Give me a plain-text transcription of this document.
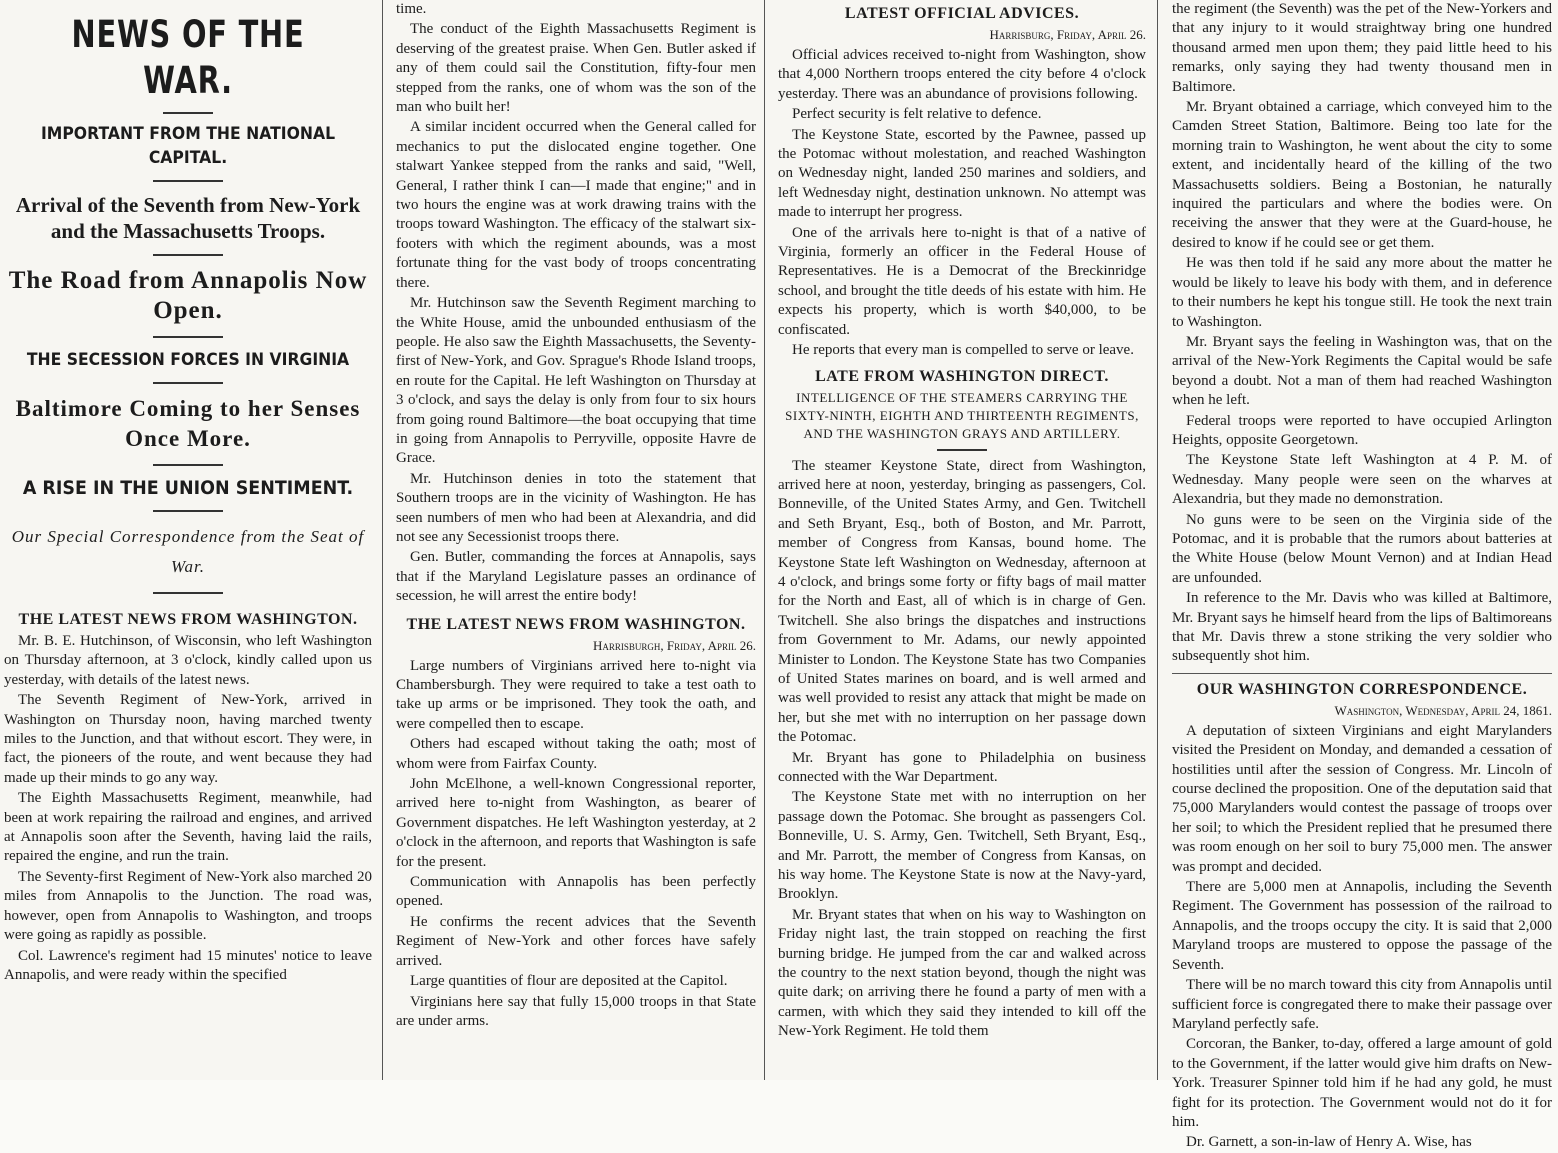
NEWS OF THE WAR.
IMPORTANT FROM THE NATIONAL CAPITAL.
Arrival of the Seventh from New-York and the Massachusetts Troops.
The Road from Annapolis Now Open.
THE SECESSION FORCES IN VIRGINIA
Baltimore Coming to her Senses Once More.
A RISE IN THE UNION SENTIMENT.
Our Special Correspondence from the Seat of War.
THE LATEST NEWS FROM WASHINGTON.

Mr. B. E. Hutchinson, of Wisconsin, who left Washington on Thursday afternoon, at 3 o'clock, kindly called upon us yesterday, with details of the latest news.

The Seventh Regiment of New-York, arrived in Washington on Thursday noon, having marched twenty miles to the Junction, and that without escort. They were, in fact, the pioneers of the route, and went because they had made up their minds to go any way.

The Eighth Massachusetts Regiment, meanwhile, had been at work repairing the railroad and engines, and arrived at Annapolis soon after the Seventh, having laid the rails, repaired the engine, and run the train.

The Seventy-first Regiment of New-York also marched 20 miles from Annapolis to the Junction. The road was, however, open from Annapolis to Washington, and troops were going as rapidly as possible.

Col. Lawrence's regiment had 15 minutes' notice to leave Annapolis, and were ready within the specified

time.

The conduct of the Eighth Massachusetts Regiment is deserving of the greatest praise. When Gen. Butler asked if any of them could sail the Constitution, fifty-four men stepped from the ranks, one of whom was the son of the man who built her!

A similar incident occurred when the General called for mechanics to put the dislocated engine together. One stalwart Yankee stepped from the ranks and said, "Well, General, I rather think I can—I made that engine;" and in two hours the engine was at work drawing trains with the troops toward Washington. The efficacy of the stalwart six-footers with which the regiment abounds, was a most fortunate thing for the vast body of troops concentrating there.

Mr. Hutchinson saw the Seventh Regiment marching to the White House, amid the unbounded enthusiasm of the people. He also saw the Eighth Massachusetts, the Seventy-first of New-York, and Gov. Sprague's Rhode Island troops, en route for the Capital. He left Washington on Thursday at 3 o'clock, and says the delay is only from four to six hours from going round Baltimore—the boat occupying that time in going from Annapolis to Perryville, opposite Havre de Grace.

Mr. Hutchinson denies in toto the statement that Southern troops are in the vicinity of Washington. He has seen numbers of men who had been at Alexandria, and did not see any Secessionist troops there.

Gen. Butler, commanding the forces at Annapolis, says that if the Maryland Legislature passes an ordinance of secession, he will arrest the entire body!

THE LATEST NEWS FROM WASHINGTON.
Harrisburgh, Friday, April 26.

Large numbers of Virginians arrived here to-night via Chambersburgh. They were required to take a test oath to take up arms or be imprisoned. They took the oath, and were compelled then to escape.

Others had escaped without taking the oath; most of whom were from Fairfax County.

John McElhone, a well-known Congressional reporter, arrived here to-night from Washington, as bearer of Government dispatches. He left Washington yesterday, at 2 o'clock in the afternoon, and reports that Washington is safe for the present.

Communication with Annapolis has been perfectly opened.

He confirms the recent advices that the Seventh Regiment of New-York and other forces have safely arrived.

Large quantities of flour are deposited at the Capitol.

Virginians here say that fully 15,000 troops in that State are under arms.

LATEST OFFICIAL ADVICES.
Harrisburg, Friday, April 26.

Official advices received to-night from Washington, show that 4,000 Northern troops entered the city before 4 o'clock yesterday. There was an abundance of provisions following.

Perfect security is felt relative to defence.

The Keystone State, escorted by the Pawnee, passed up the Potomac without molestation, and reached Washington on Wednesday night, landed 250 marines and soldiers, and left Wednesday night, destination unknown. No attempt was made to interrupt her progress.

One of the arrivals here to-night is that of a native of Virginia, formerly an officer in the Federal House of Representatives. He is a Democrat of the Breckinridge school, and brought the title deeds of his estate with him. He expects his property, which is worth $40,000, to be confiscated.

He reports that every man is compelled to serve or leave.

LATE FROM WASHINGTON DIRECT.
INTELLIGENCE OF THE STEAMERS CARRYING THE SIXTY-NINTH, EIGHTH AND THIRTEENTH REGIMENTS, AND THE WASHINGTON GRAYS AND ARTILLERY.

The steamer Keystone State, direct from Washington, arrived here at noon, yesterday, bringing as passengers, Col. Bonneville, of the United States Army, and Gen. Twitchell and Seth Bryant, Esq., both of Boston, and Mr. Parrott, member of Congress from Kansas, bound home. The Keystone State left Washington on Wednesday, afternoon at 4 o'clock, and brings some forty or fifty bags of mail matter for the North and East, all of which is in charge of Gen. Twitchell. She also brings the dispatches and instructions from Government to Mr. Adams, our newly appointed Minister to London. The Keystone State has two Companies of United States marines on board, and is well armed and was well provided to resist any attack that might be made on her, but she met with no interruption on her passage down the Potomac.

Mr. Bryant has gone to Philadelphia on business connected with the War Department.

The Keystone State met with no interruption on her passage down the Potomac. She brought as passengers Col. Bonneville, U. S. Army, Gen. Twitchell, Seth Bryant, Esq., and Mr. Parrott, the member of Congress from Kansas, on his way home. The Keystone State is now at the Navy-yard, Brooklyn.

Mr. Bryant states that when on his way to Washington on Friday night last, the train stopped on reaching the first burning bridge. He jumped from the car and walked across the country to the next station beyond, though the night was quite dark; on arriving there he found a party of men with a carmen, with which they said they intended to kill off the New-York Regiment. He told them

the regiment (the Seventh) was the pet of the New-Yorkers and that any injury to it would straightway bring one hundred thousand armed men upon them; they paid little heed to his remarks, only saying they had twenty thousand men in Baltimore.

Mr. Bryant obtained a carriage, which conveyed him to the Camden Street Station, Baltimore. Being too late for the morning train to Washington, he went about the city to some extent, and incidentally heard of the killing of the two Massachusetts soldiers. Being a Bostonian, he naturally inquired the particulars and where the bodies were. On receiving the answer that they were at the Guard-house, he desired to know if he could see or get them.

He was then told if he said any more about the matter he would be likely to leave his body with them, and in deference to their numbers he kept his tongue still. He took the next train to Washington.

Mr. Bryant says the feeling in Washington was, that on the arrival of the New-York Regiments the Capital would be safe beyond a doubt. Not a man of them had reached Washington when he left.

Federal troops were reported to have occupied Arlington Heights, opposite Georgetown.

The Keystone State left Washington at 4 P. M. of Wednesday. Many people were seen on the wharves at Alexandria, but they made no demonstration.

No guns were to be seen on the Virginia side of the Potomac, and it is probable that the rumors about batteries at the White House (below Mount Vernon) and at Indian Head are unfounded.

In reference to the Mr. Davis who was killed at Baltimore, Mr. Bryant says he himself heard from the lips of Baltimoreans that Mr. Davis threw a stone striking the very soldier who subsequently shot him.

OUR WASHINGTON CORRESPONDENCE.
Washington, Wednesday, April 24, 1861.

A deputation of sixteen Virginians and eight Marylanders visited the President on Monday, and demanded a cessation of hostilities until after the session of Congress. Mr. Lincoln of course declined the proposition. One of the deputation said that 75,000 Marylanders would contest the passage of troops over her soil; to which the President replied that he presumed there was room enough on her soil to bury 75,000 men. The answer was prompt and decided.

There are 5,000 men at Annapolis, including the Seventh Regiment. The Government has possession of the railroad to Annapolis, and the troops occupy the city. It is said that 2,000 Maryland troops are mustered to oppose the passage of the Seventh.

There will be no march toward this city from Annapolis until sufficient force is congregated there to make their passage over Maryland perfectly safe.

Corcoran, the Banker, to-day, offered a large amount of gold to the Government, if the latter would give him drafts on New-York. Treasurer Spinner told him if he had any gold, he must fight for its protection. The Government would not do it for him.

Dr. Garnett, a son-in-law of Henry A. Wise, has
